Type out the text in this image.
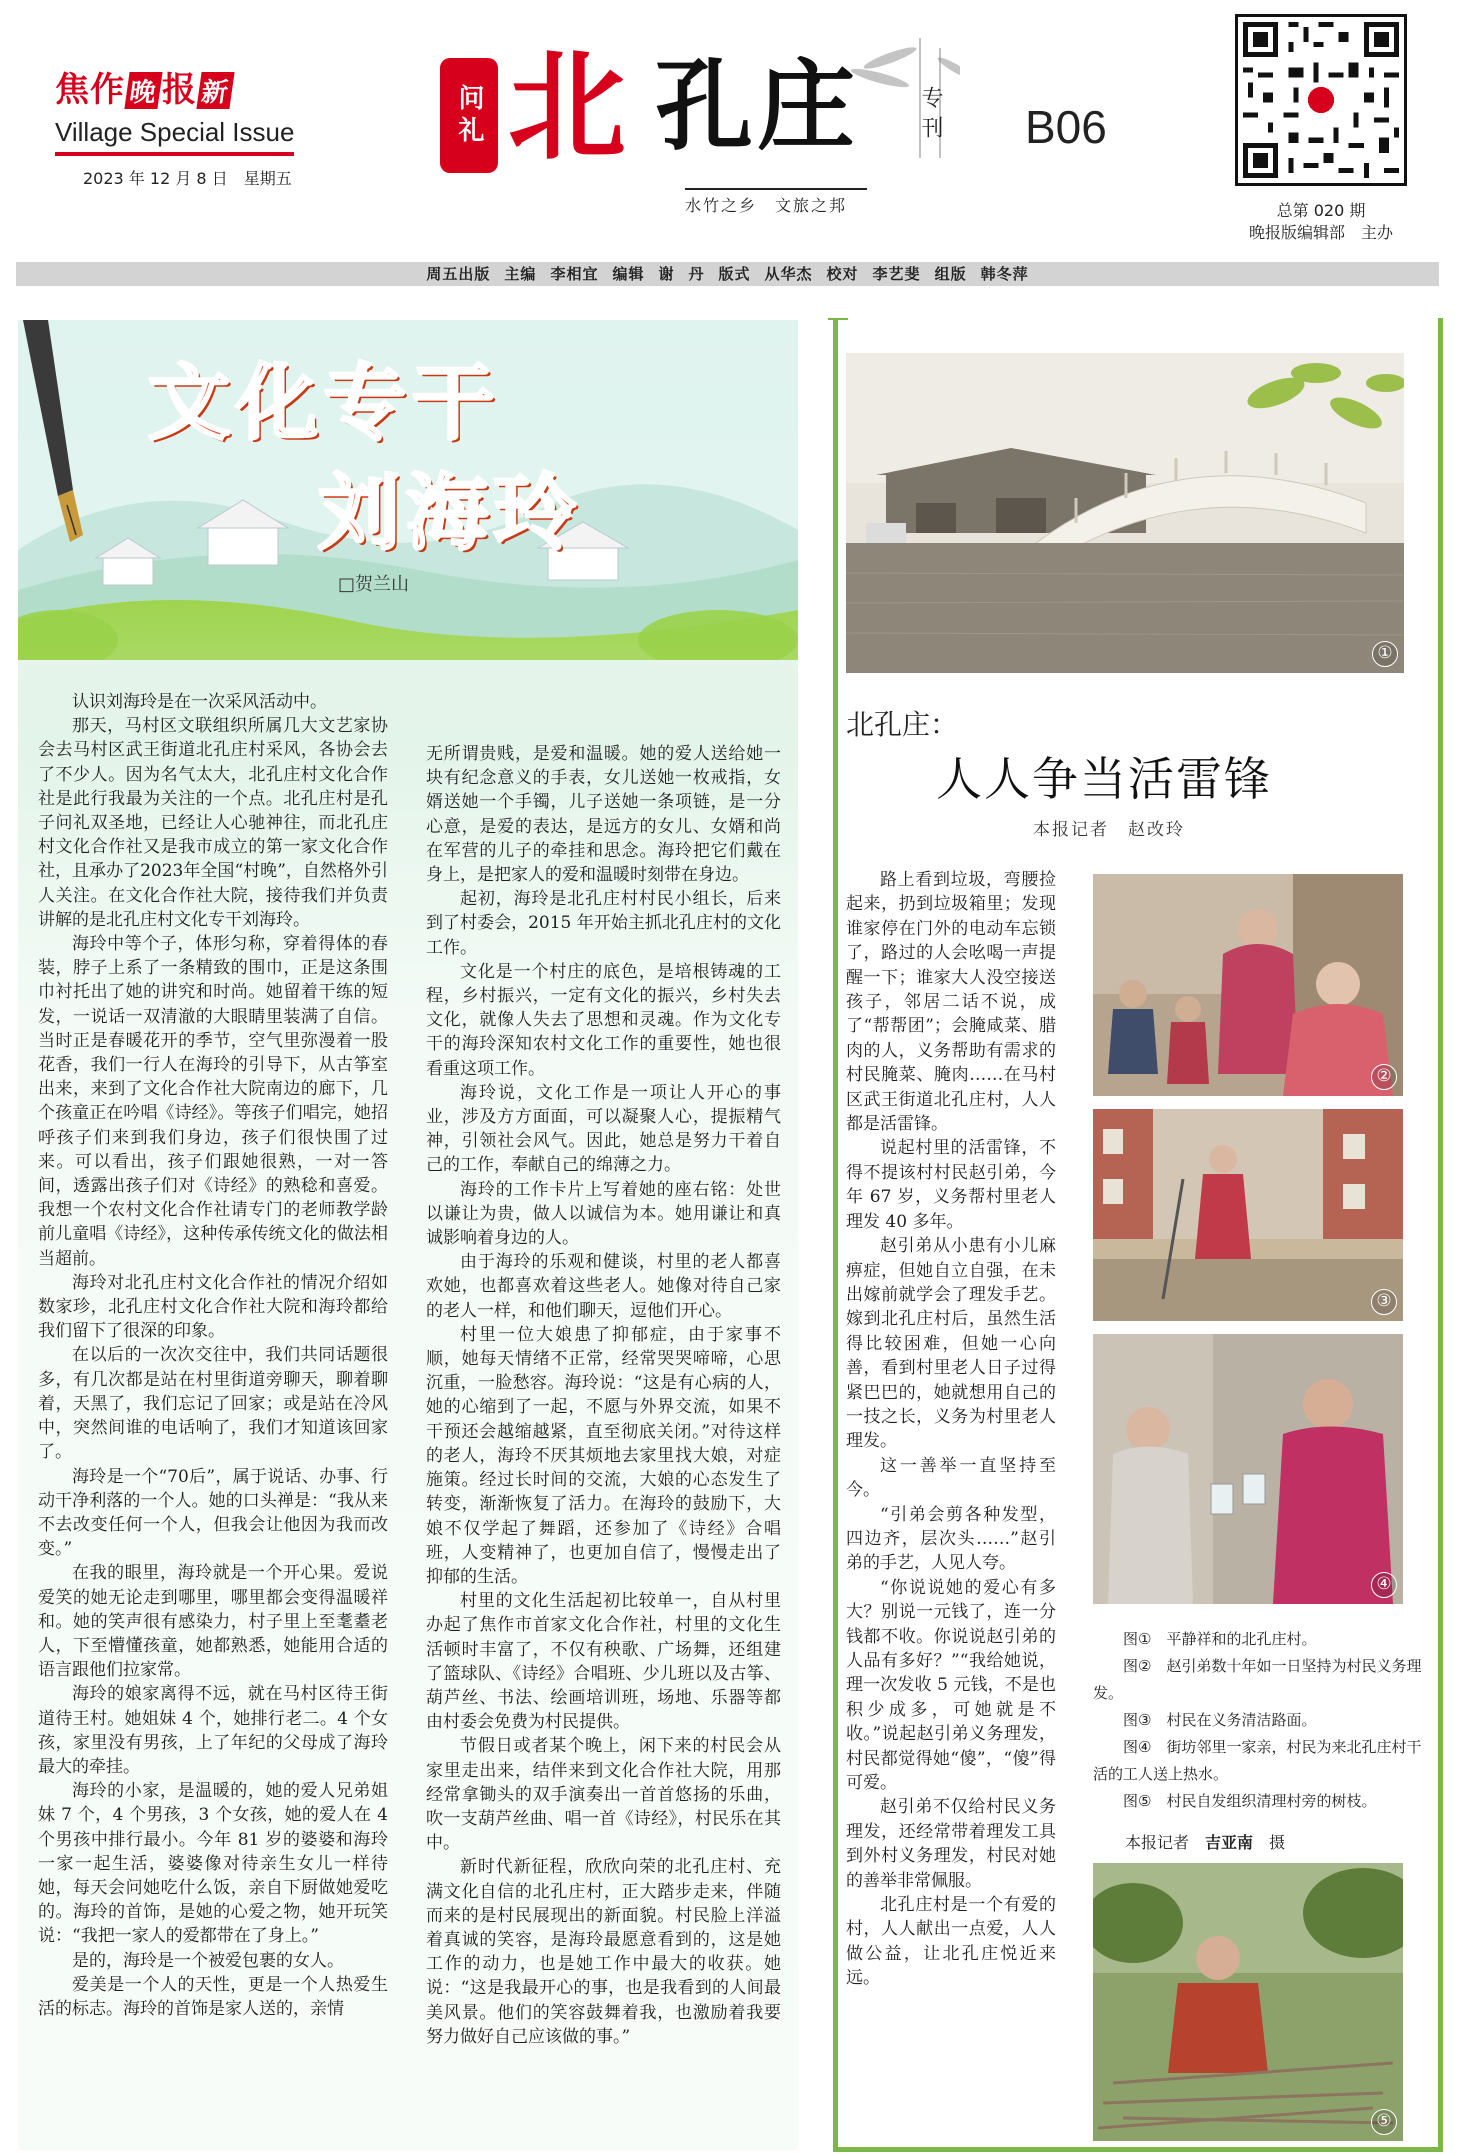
焦作晚报新
Village Special Issue
2023 年 12 月 8 日　星期五
问礼 北 孔庄	专刊
水竹之乡　文旅之邦
B06
总第 020 期
晚报版编辑部　主办
周五出版 主编 李相宜 编辑 谢 丹 版式 从华杰 校对 李艺斐 组版 韩冬萍
文化专干
刘海玲
□贺兰山

认识刘海玲是在一次采风活动中。

那天，马村区文联组织所属几大文艺家协会去马村区武王街道北孔庄村采风，各协会去了不少人。因为名气太大，北孔庄村文化合作社是此行我最为关注的一个点。北孔庄村是孔子问礼双圣地，已经让人心驰神往，而北孔庄村文化合作社又是我市成立的第一家文化合作社，且承办了2023年全国“村晚”，自然格外引人关注。在文化合作社大院，接待我们并负责讲解的是北孔庄村文化专干刘海玲。

海玲中等个子，体形匀称，穿着得体的春装，脖子上系了一条精致的围巾，正是这条围巾衬托出了她的讲究和时尚。她留着干练的短发，一说话一双清澈的大眼睛里装满了自信。当时正是春暖花开的季节，空气里弥漫着一股花香，我们一行人在海玲的引导下，从古筝室出来，来到了文化合作社大院南边的廊下，几个孩童正在吟唱《诗经》。等孩子们唱完，她招呼孩子们来到我们身边，孩子们很快围了过来。可以看出，孩子们跟她很熟，一对一答间，透露出孩子们对《诗经》的熟稔和喜爱。我想一个农村文化合作社请专门的老师教学龄前儿童唱《诗经》，这种传承传统文化的做法相当超前。

海玲对北孔庄村文化合作社的情况介绍如数家珍，北孔庄村文化合作社大院和海玲都给我们留下了很深的印象。

在以后的一次次交往中，我们共同话题很多，有几次都是站在村里街道旁聊天，聊着聊着，天黑了，我们忘记了回家；或是站在冷风中，突然间谁的电话响了，我们才知道该回家了。

海玲是一个“70后”，属于说话、办事、行动干净利落的一个人。她的口头禅是：“我从来不去改变任何一个人，但我会让他因为我而改变。”

在我的眼里，海玲就是一个开心果。爱说爱笑的她无论走到哪里，哪里都会变得温暖祥和。她的笑声很有感染力，村子里上至耄耋老人，下至懵懂孩童，她都熟悉，她能用合适的语言跟他们拉家常。

海玲的娘家离得不远，就在马村区待王街道待王村。她姐妹 4 个，她排行老二。4 个女孩，家里没有男孩，上了年纪的父母成了海玲最大的牵挂。

海玲的小家，是温暖的，她的爱人兄弟姐妹 7 个，4 个男孩，3 个女孩，她的爱人在 4 个男孩中排行最小。今年 81 岁的婆婆和海玲一家一起生活，婆婆像对待亲生女儿一样待她，每天会问她吃什么饭，亲自下厨做她爱吃的。海玲的首饰，是她的心爱之物，她开玩笑说：“我把一家人的爱都带在了身上。”

是的，海玲是一个被爱包裹的女人。

爱美是一个人的天性，更是一个人热爱生活的标志。海玲的首饰是家人送的，亲情

无所谓贵贱，是爱和温暖。她的爱人送给她一块有纪念意义的手表，女儿送她一枚戒指，女婿送她一个手镯，儿子送她一条项链，是一分心意，是爱的表达，是远方的女儿、女婿和尚在军营的儿子的牵挂和思念。海玲把它们戴在身上，是把家人的爱和温暖时刻带在身边。

起初，海玲是北孔庄村村民小组长，后来到了村委会，2015 年开始主抓北孔庄村的文化工作。

文化是一个村庄的底色，是培根铸魂的工程，乡村振兴，一定有文化的振兴，乡村失去文化，就像人失去了思想和灵魂。作为文化专干的海玲深知农村文化工作的重要性，她也很看重这项工作。

海玲说，文化工作是一项让人开心的事业，涉及方方面面，可以凝聚人心，提振精气神，引领社会风气。因此，她总是努力干着自己的工作，奉献自己的绵薄之力。

海玲的工作卡片上写着她的座右铭：处世以谦让为贵，做人以诚信为本。她用谦让和真诚影响着身边的人。

由于海玲的乐观和健谈，村里的老人都喜欢她，也都喜欢着这些老人。她像对待自己家的老人一样，和他们聊天，逗他们开心。

村里一位大娘患了抑郁症，由于家事不顺，她每天情绪不正常，经常哭哭啼啼，心思沉重，一脸愁容。海玲说：“这是有心病的人，她的心缩到了一起，不愿与外界交流，如果不干预还会越缩越紧，直至彻底关闭。”对待这样的老人，海玲不厌其烦地去家里找大娘，对症施策。经过长时间的交流，大娘的心态发生了转变，渐渐恢复了活力。在海玲的鼓励下，大娘不仅学起了舞蹈，还参加了《诗经》合唱班，人变精神了，也更加自信了，慢慢走出了抑郁的生活。

村里的文化生活起初比较单一，自从村里办起了焦作市首家文化合作社，村里的文化生活顿时丰富了，不仅有秧歌、广场舞，还组建了篮球队、《诗经》合唱班、少儿班以及古筝、葫芦丝、书法、绘画培训班，场地、乐器等都由村委会免费为村民提供。

节假日或者某个晚上，闲下来的村民会从家里走出来，结伴来到文化合作社大院，用那经常拿锄头的双手演奏出一首首悠扬的乐曲，吹一支葫芦丝曲、唱一首《诗经》，村民乐在其中。

新时代新征程，欣欣向荣的北孔庄村、充满文化自信的北孔庄村，正大踏步走来，伴随而来的是村民展现出的新面貌。村民脸上洋溢着真诚的笑容，是海玲最愿意看到的，这是她工作的动力，也是她工作中最大的收获。她说：“这是我最开心的事，也是我看到的人间最美风景。他们的笑容鼓舞着我，也激励着我要努力做好自己应该做的事。”

①
北孔庄：
人人争当活雷锋
本报记者　赵改玲

路上看到垃圾，弯腰捡起来，扔到垃圾箱里；发现谁家停在门外的电动车忘锁了，路过的人会吆喝一声提醒一下；谁家大人没空接送孩子，邻居二话不说，成了“帮帮团”；会腌咸菜、腊肉的人，义务帮助有需求的村民腌菜、腌肉……在马村区武王街道北孔庄村，人人都是活雷锋。

说起村里的活雷锋，不得不提该村村民赵引弟，今年 67 岁，义务帮村里老人理发 40 多年。

赵引弟从小患有小儿麻痹症，但她自立自强，在未出嫁前就学会了理发手艺。嫁到北孔庄村后，虽然生活得比较困难，但她一心向善，看到村里老人日子过得紧巴巴的，她就想用自己的一技之长，义务为村里老人理发。

这一善举一直坚持至今。

“引弟会剪各种发型，四边齐，层次头……”赵引弟的手艺，人见人夸。

“你说说她的爱心有多大？别说一元钱了，连一分钱都不收。你说说赵引弟的人品有多好？”“我给她说，理一次发收 5 元钱，不是也积少成多，可她就是不收。”说起赵引弟义务理发，村民都觉得她“傻”，“傻”得可爱。

赵引弟不仅给村民义务理发，还经常带着理发工具到外村义务理发，村民对她的善举非常佩服。

北孔庄村是一个有爱的村，人人献出一点爱，人人做公益，让北孔庄悦近来远。

②
③
④
图①　 平静祥和的北孔庄村。
图②　 赵引弟数十年如一日坚持为村民义务理发。
图③　 村民在义务清洁路面。
图④　 街坊邻里一家亲，村民为来北孔庄村干活的工人送上热水。
图⑤　 村民自发组织清理村旁的树枝。
本报记者　 吉亚南　 摄
⑤
